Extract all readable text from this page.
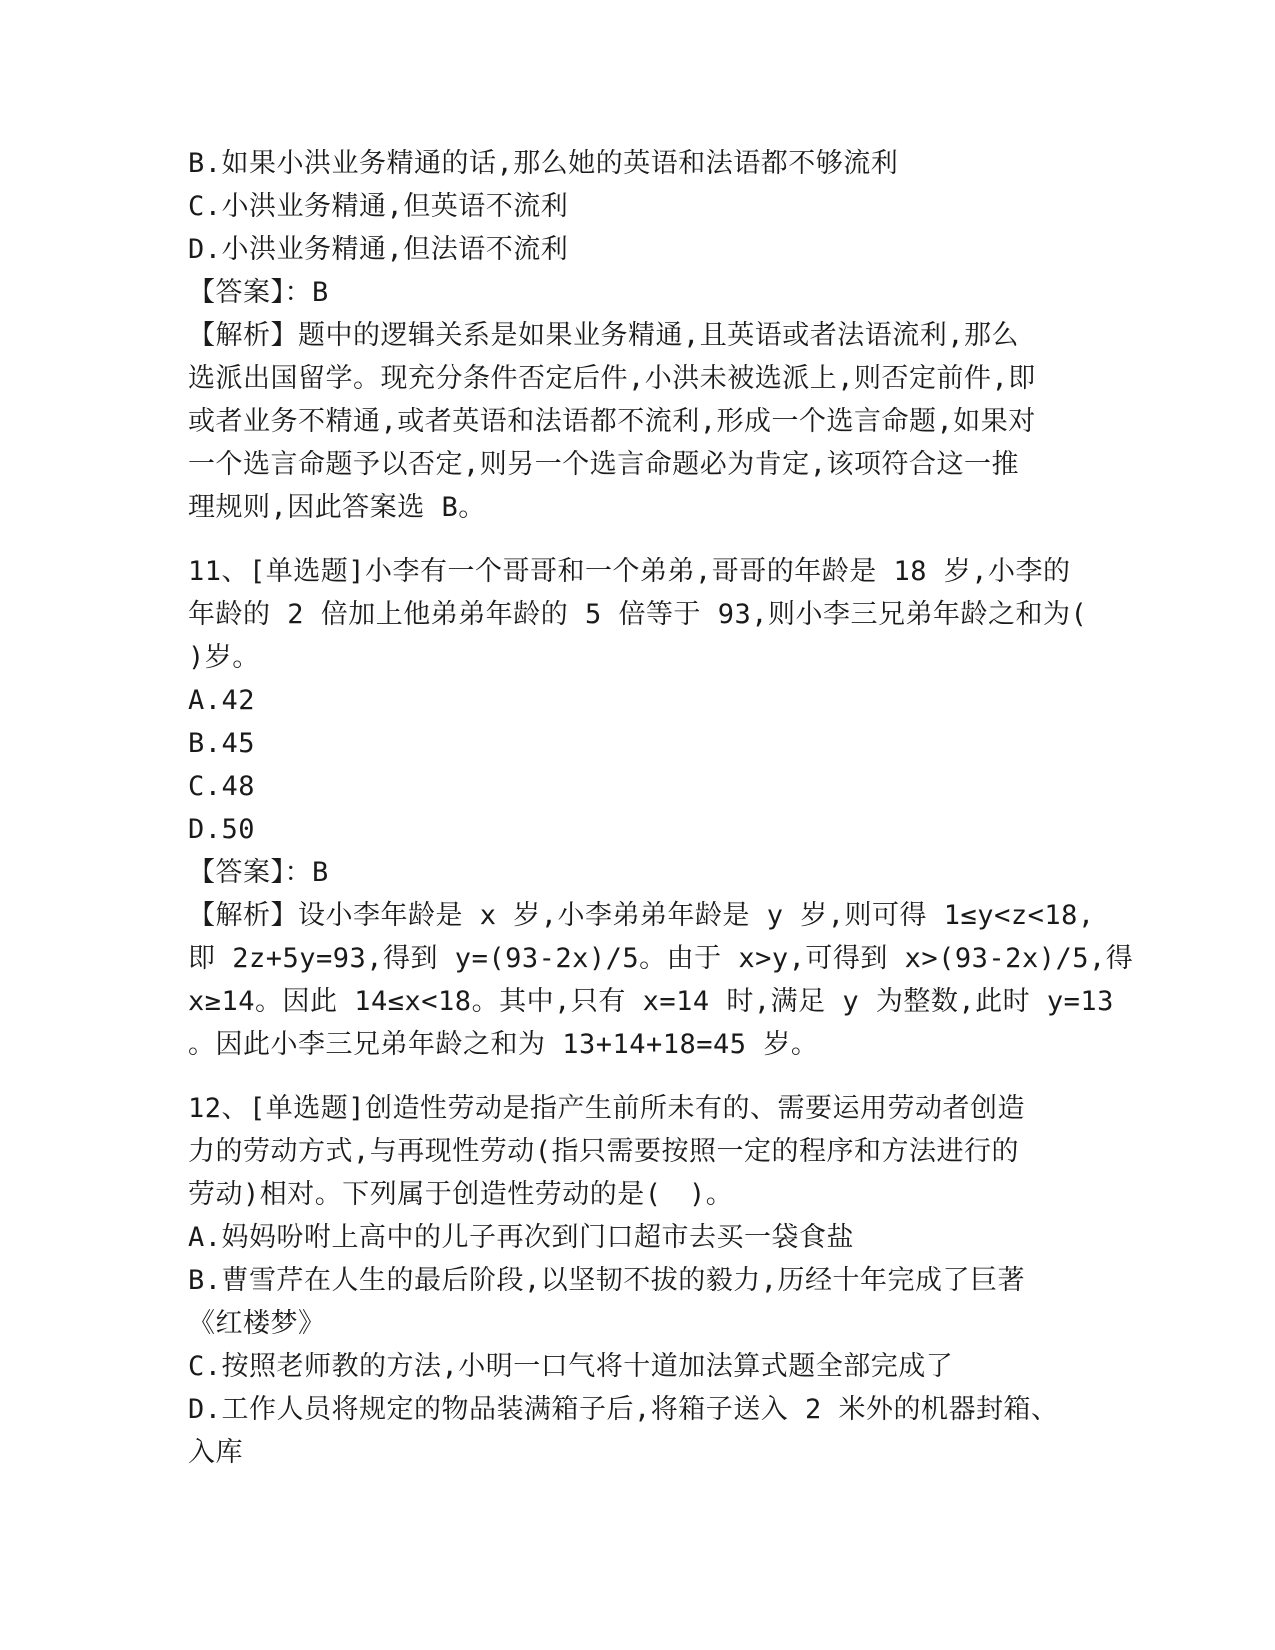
B.如果小洪业务精通的话,那么她的英语和法语都不够流利
C.小洪业务精通,但英语不流利
D.小洪业务精通,但法语不流利
【答案】：B
【解析】题中的逻辑关系是如果业务精通,且英语或者法语流利,那么
选派出国留学。现充分条件否定后件,小洪未被选派上,则否定前件,即
或者业务不精通,或者英语和法语都不流利,形成一个选言命题,如果对
一个选言命题予以否定,则另一个选言命题必为肯定,该项符合这一推
理规则,因此答案选 B。
11、[单选题]小李有一个哥哥和一个弟弟,哥哥的年龄是 18 岁,小李的
年龄的 2 倍加上他弟弟年龄的 5 倍等于 93,则小李三兄弟年龄之和为(
)岁。
A.42
B.45
C.48
D.50
【答案】：B
【解析】设小李年龄是 x 岁,小李弟弟年龄是 y 岁,则可得 1≤y<z<18,
即 2z+5y=93,得到 y=(93-2x)/5。由于 x>y,可得到 x>(93-2x)/5,得
x≥14。因此 14≤x<18。其中,只有 x=14 时,满足 y 为整数,此时 y=13
。因此小李三兄弟年龄之和为 13+14+18=45 岁。
12、[单选题]创造性劳动是指产生前所未有的、需要运用劳动者创造
力的劳动方式,与再现性劳动(指只需要按照一定的程序和方法进行的
劳动)相对。下列属于创造性劳动的是(　)。
A.妈妈吩咐上高中的儿子再次到门口超市去买一袋食盐
B.曹雪芹在人生的最后阶段,以坚韧不拔的毅力,历经十年完成了巨著
《红楼梦》
C.按照老师教的方法,小明一口气将十道加法算式题全部完成了
D.工作人员将规定的物品装满箱子后,将箱子送入 2 米外的机器封箱、
入库
